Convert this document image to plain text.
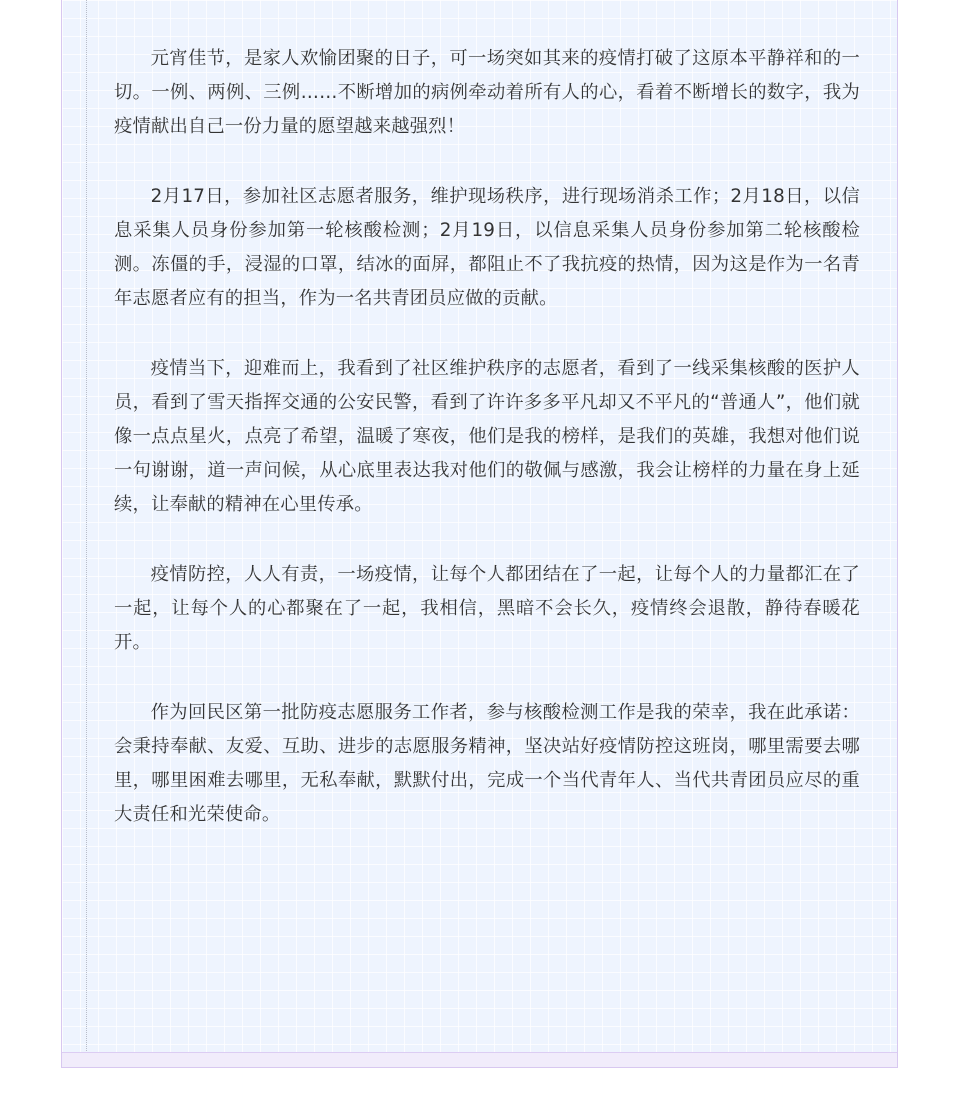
元宵佳节，是家人欢愉团聚的日子，可一场突如其来的疫情打破了这原本平静祥和的一切。一例、两例、三例……不断增加的病例牵动着所有人的心，看着不断增长的数字，我为疫情献出自己一份力量的愿望越来越强烈！

2月17日，参加社区志愿者服务，维护现场秩序，进行现场消杀工作；2月18日，以信息采集人员身份参加第一轮核酸检测；2月19日，以信息采集人员身份参加第二轮核酸检测。冻僵的手，浸湿的口罩，结冰的面屏，都阻止不了我抗疫的热情，因为这是作为一名青年志愿者应有的担当，作为一名共青团员应做的贡献。

疫情当下，迎难而上，我看到了社区维护秩序的志愿者，看到了一线采集核酸的医护人员，看到了雪天指挥交通的公安民警，看到了许许多多平凡却又不平凡的“普通人”，他们就像一点点星火，点亮了希望，温暖了寒夜，他们是我的榜样，是我们的英雄，我想对他们说一句谢谢，道一声问候，从心底里表达我对他们的敬佩与感激，我会让榜样的力量在身上延续，让奉献的精神在心里传承。

疫情防控，人人有责，一场疫情，让每个人都团结在了一起，让每个人的力量都汇在了一起，让每个人的心都聚在了一起，我相信，黑暗不会长久，疫情终会退散，静待春暖花开。

作为回民区第一批防疫志愿服务工作者，参与核酸检测工作是我的荣幸，我在此承诺：会秉持奉献、友爱、互助、进步的志愿服务精神，坚决站好疫情防控这班岗，哪里需要去哪里，哪里困难去哪里，无私奉献，默默付出，完成一个当代青年人、当代共青团员应尽的重大责任和光荣使命。
